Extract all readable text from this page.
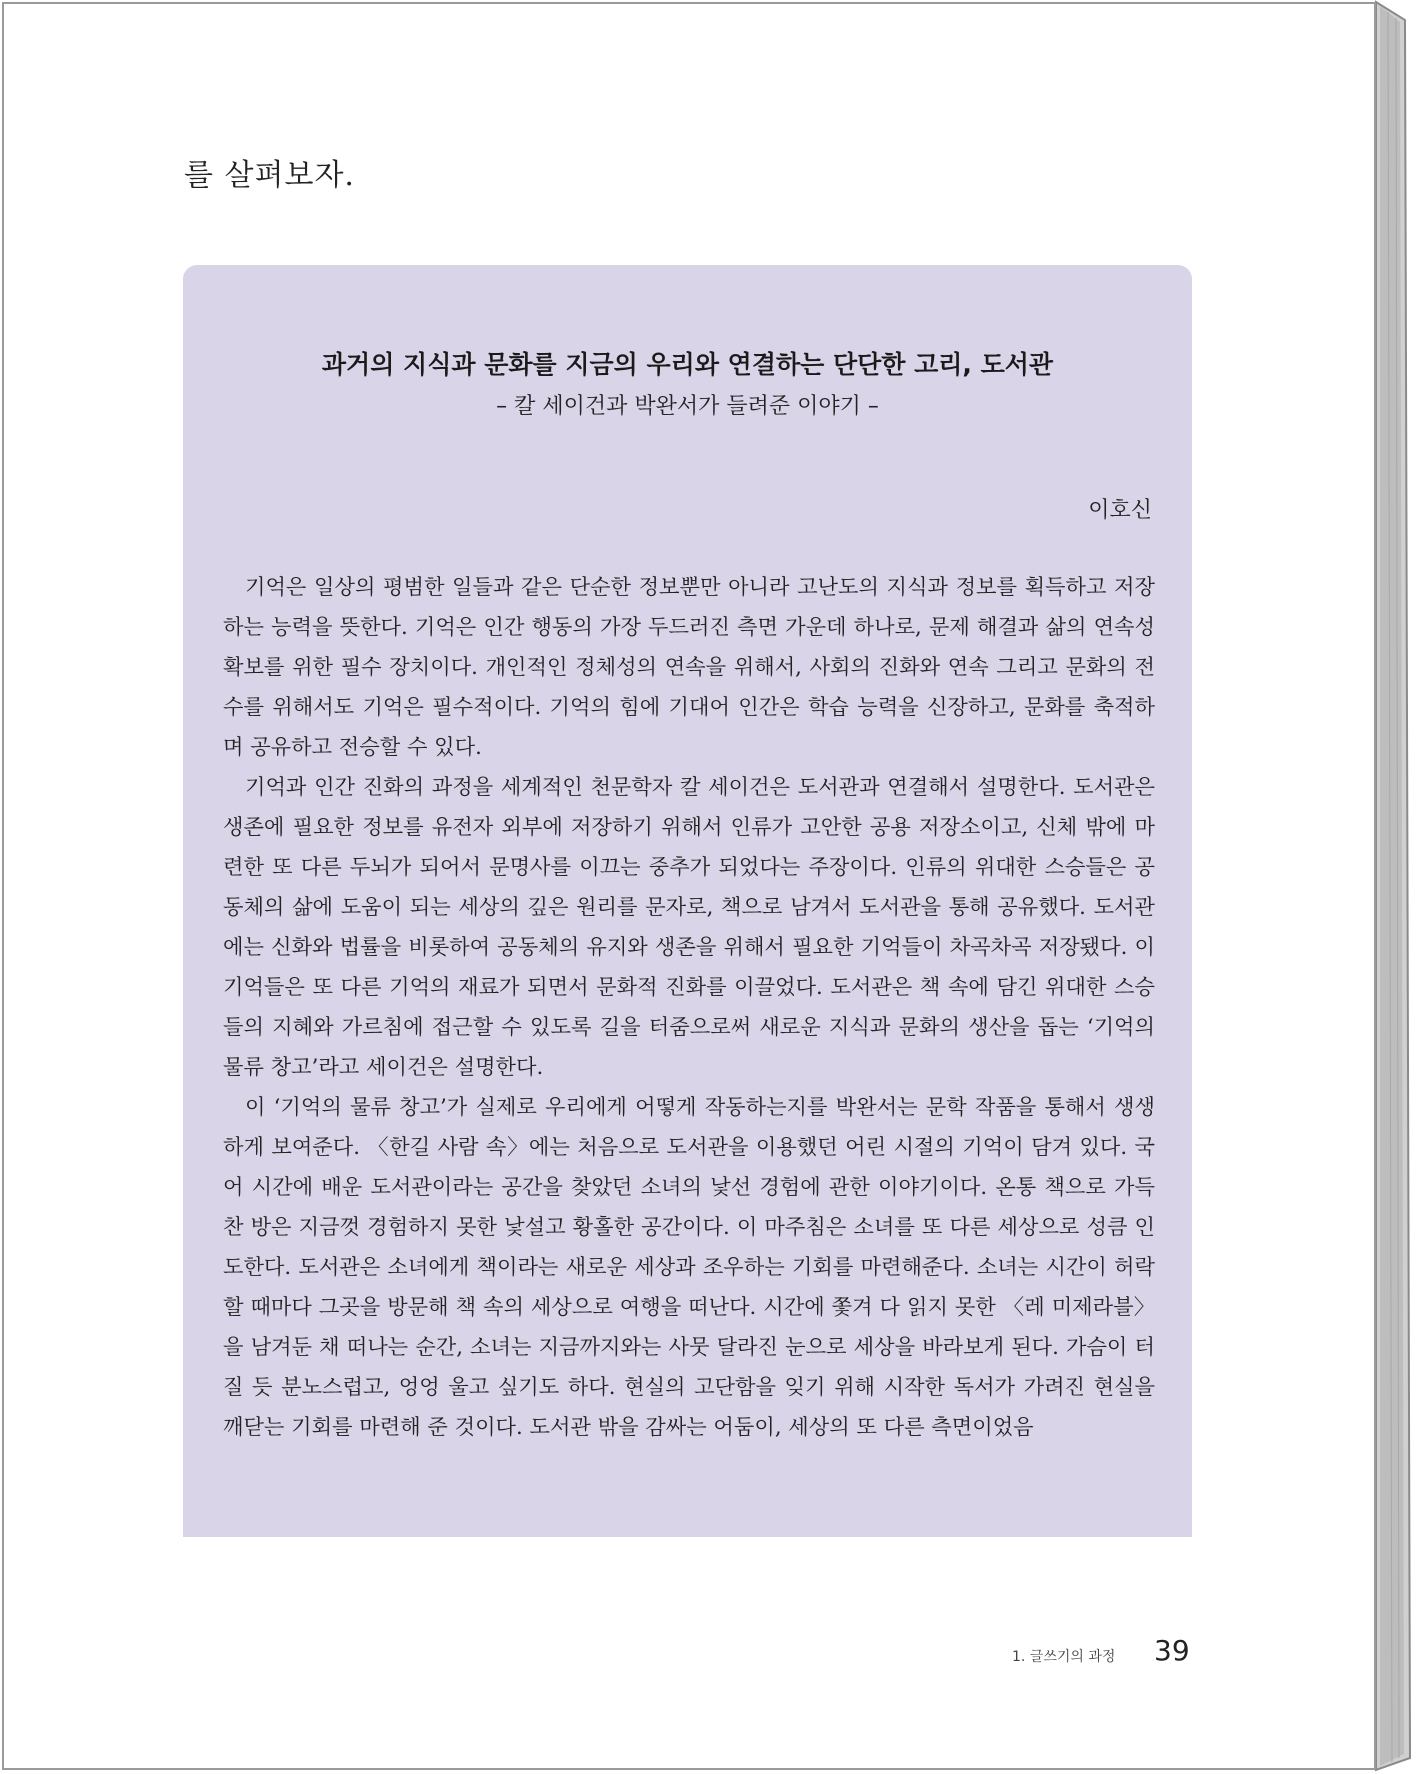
를 살펴보자.
과거의 지식과 문화를 지금의 우리와 연결하는 단단한 고리, 도서관
– 칼 세이건과 박완서가 들려준 이야기 –
이호신

기억은 일상의 평범한 일들과 같은 단순한 정보뿐만 아니라 고난도의 지식과 정보를 획득하고 저장하는 능력을 뜻한다. 기억은 인간 행동의 가장 두드러진 측면 가운데 하나로, 문제 해결과 삶의 연속성 확보를 위한 필수 장치이다. 개인적인 정체성의 연속을 위해서, 사회의 진화와 연속 그리고 문화의 전수를 위해서도 기억은 필수적이다. 기억의 힘에 기대어 인간은 학습 능력을 신장하고, 문화를 축적하며 공유하고 전승할 수 있다.

기억과 인간 진화의 과정을 세계적인 천문학자 칼 세이건은 도서관과 연결해서 설명한다. 도서관은 생존에 필요한 정보를 유전자 외부에 저장하기 위해서 인류가 고안한 공용 저장소이고, 신체 밖에 마련한 또 다른 두뇌가 되어서 문명사를 이끄는 중추가 되었다는 주장이다. 인류의 위대한 스승들은 공동체의 삶에 도움이 되는 세상의 깊은 원리를 문자로, 책으로 남겨서 도서관을 통해 공유했다. 도서관에는 신화와 법률을 비롯하여 공동체의 유지와 생존을 위해서 필요한 기억들이 차곡차곡 저장됐다. 이 기억들은 또 다른 기억의 재료가 되면서 문화적 진화를 이끌었다. 도서관은 책 속에 담긴 위대한 스승들의 지혜와 가르침에 접근할 수 있도록 길을 터줌으로써 새로운 지식과 문화의 생산을 돕는 ‘기억의 물류 창고’라고 세이건은 설명한다.

이 ‘기억의 물류 창고’가 실제로 우리에게 어떻게 작동하는지를 박완서는 문학 작품을 통해서 생생하게 보여준다. 〈한길 사람 속〉에는 처음으로 도서관을 이용했던 어린 시절의 기억이 담겨 있다. 국어 시간에 배운 도서관이라는 공간을 찾았던 소녀의 낯선 경험에 관한 이야기이다. 온통 책으로 가득 찬 방은 지금껏 경험하지 못한 낯설고 황홀한 공간이다. 이 마주침은 소녀를 또 다른 세상으로 성큼 인도한다. 도서관은 소녀에게 책이라는 새로운 세상과 조우하는 기회를 마련해준다. 소녀는 시간이 허락할 때마다 그곳을 방문해 책 속의 세상으로 여행을 떠난다. 시간에 쫓겨 다 읽지 못한 〈레 미제라블〉을 남겨둔 채 떠나는 순간, 소녀는 지금까지와는 사뭇 달라진 눈으로 세상을 바라보게 된다. 가슴이 터질 듯 분노스럽고, 엉엉 울고 싶기도 하다. 현실의 고단함을 잊기 위해 시작한 독서가 가려진 현실을 깨닫는 기회를 마련해 준 것이다. 도서관 밖을 감싸는 어둠이, 세상의 또 다른 측면이었음

1. 글쓰기의 과정 39
